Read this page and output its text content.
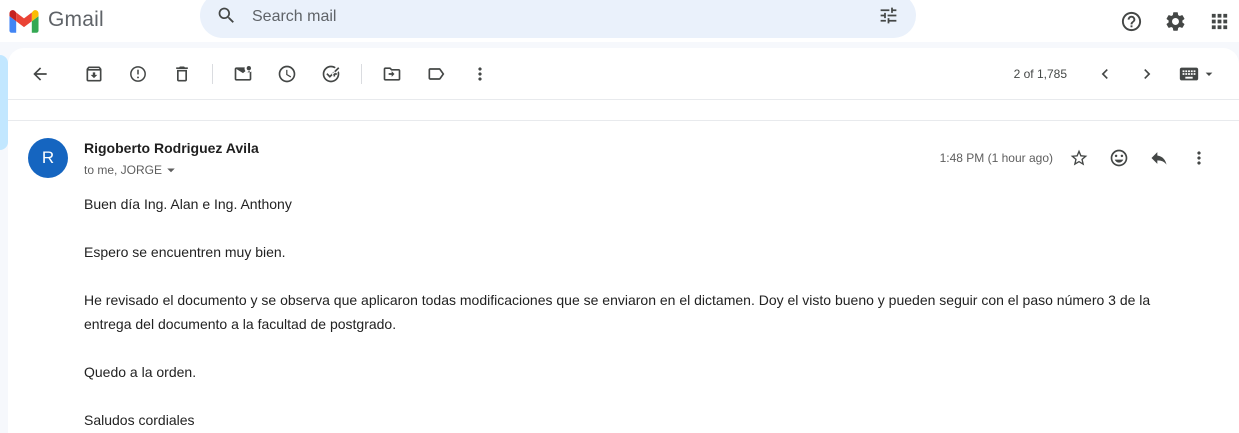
Gmail
Search mail
2 of 1,785
R	Rigoberto Rodriguez Avila
to me, JORGE
1:48 PM (1 hour ago)

Buen día Ing. Alan e Ing. Anthony

Espero se encuentren muy bien.

He revisado el documento y se observa que aplicaron todas modificaciones que se enviaron en el dictamen. Doy el visto bueno y pueden seguir con el paso número 3 de la entrega del documento a la facultad de postgrado.

Quedo a la orden.

Saludos cordiales
